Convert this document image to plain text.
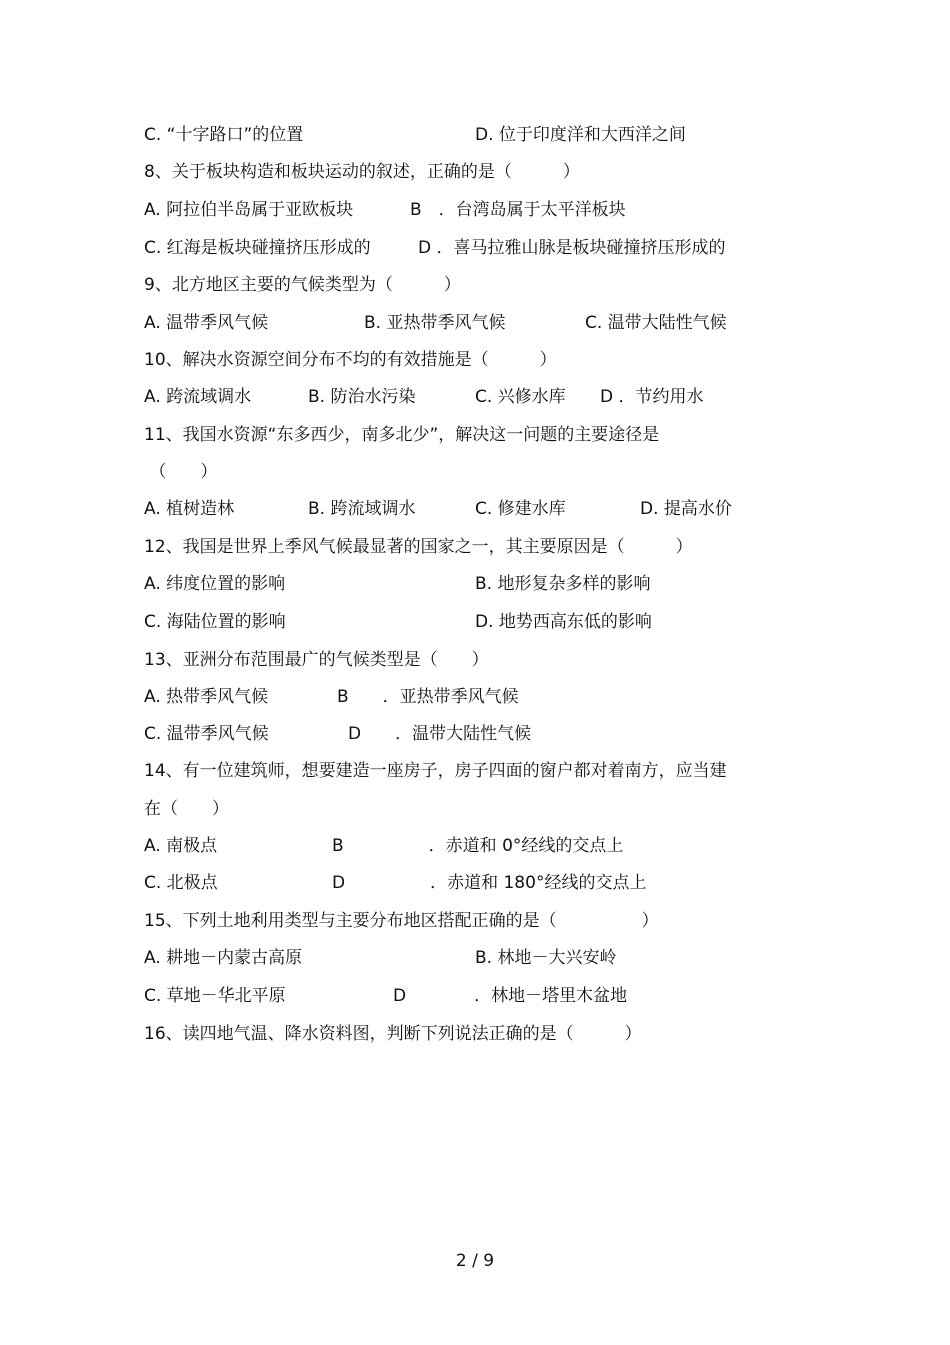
C. “十字路口”的位置	D. 位于印度洋和大西洋之间
8、关于板块构造和板块运动的叙述，正确的是（　　　）
A. 阿拉伯半岛属于亚欧板块	B　．台湾岛属于太平洋板块
C. 红海是板块碰撞挤压形成的	D ．喜马拉雅山脉是板块碰撞挤压形成的
9、北方地区主要的气候类型为（　　　）
A. 温带季风气候	B. 亚热带季风气候	C. 温带大陆性气候
10、解决水资源空间分布不均的有效措施是（　　　）
A. 跨流域调水	B. 防治水污染	C. 兴修水库 D ．节约用水
11、我国水资源“东多西少，南多北少”，解决这一问题的主要途径是
（　　）
A. 植树造林	B. 跨流域调水	C. 修建水库	D. 提高水价
12、我国是世界上季风气候最显著的国家之一，其主要原因是（　　　）
A. 纬度位置的影响	B. 地形复杂多样的影响
C. 海陆位置的影响	D. 地势西高东低的影响
13、亚洲分布范围最广的气候类型是（　　）
A. 热带季风气候	B　　．亚热带季风气候
C. 温带季风气候	D　　．温带大陆性气候
14、有一位建筑师，想要建造一座房子，房子四面的窗户都对着南方，应当建
在（　　）
A. 南极点	B　　　　　．赤道和 0°经线的交点上
C. 北极点	D　　　　　．赤道和 180°经线的交点上
15、下列土地利用类型与主要分布地区搭配正确的是（　　　　　）
A. 耕地－内蒙古高原	B. 林地－大兴安岭
C. 草地－华北平原	D　　　　．林地－塔里木盆地
16、读四地气温、降水资料图，判断下列说法正确的是（　　　）
2 / 9
